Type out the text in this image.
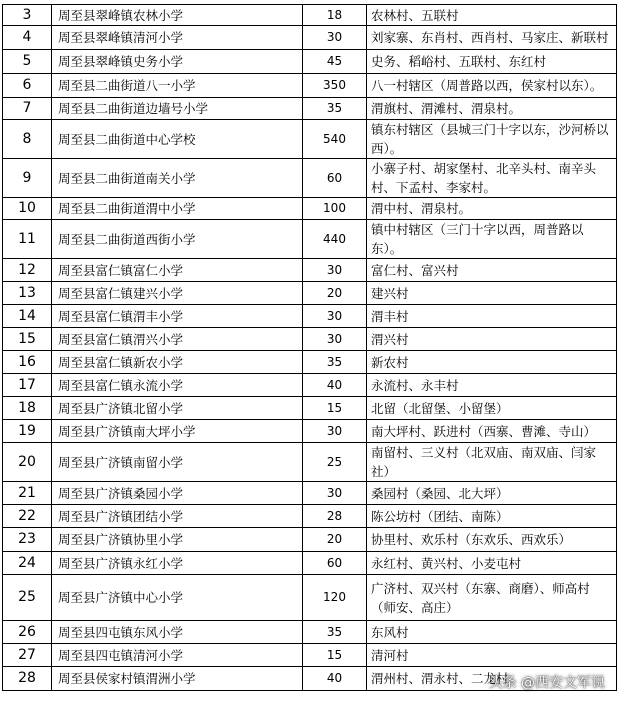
3	周至县翠峰镇农林小学	18	农林村、五联村
4	周至县翠峰镇清河小学	30	刘家寨、东肖村、西肖村、马家庄、新联村
5	周至县翠峰镇史务小学	45	史务、稻峪村、五联村、东红村
6	周至县二曲街道八一小学	350	八一村辖区（周普路以西，侯家村以东）。
7	周至县二曲街道边墙号小学	35	渭旗村、渭滩村、渭泉村。
8	周至县二曲街道中心学校	540	镇东村辖区（县城三门十字以东，沙河桥以西）。
9	周至县二曲街道南关小学	60	小寨子村、胡家堡村、北辛头村、南辛头村、下孟村、李家村。
10	周至县二曲街道渭中小学	100	渭中村、渭泉村。
11	周至县二曲街道西街小学	440	镇中村辖区（三门十字以西，周普路以东）。
12	周至县富仁镇富仁小学	30	富仁村、富兴村
13	周至县富仁镇建兴小学	20	建兴村
14	周至县富仁镇渭丰小学	30	渭丰村
15	周至县富仁镇渭兴小学	30	渭兴村
16	周至县富仁镇新农小学	35	新农村
17	周至县富仁镇永流小学	40	永流村、永丰村
18	周至县广济镇北留小学	15	北留（北留堡、小留堡）
19	周至县广济镇南大坪小学	30	南大坪村、跃进村（西寨、曹滩、寺山）
20	周至县广济镇南留小学	25	南留村、三义村（北双庙、南双庙、闫家社）
21	周至县广济镇桑园小学	30	桑园村（桑园、北大坪）
22	周至县广济镇团结小学	28	陈公坊村（团结、南陈）
23	周至县广济镇协里小学	20	协里村、欢乐村（东欢乐、西欢乐）
24	周至县广济镇永红小学	60	永红村、黄兴村、小麦屯村
25	周至县广济镇中心小学	120	广济村、双兴村（东寨、商磨）、师高村（师安、高庄）
26	周至县四屯镇东风小学	35	东风村
27	周至县四屯镇清河小学	15	清河村
28	周至县侯家村镇渭洲小学	40	渭州村、渭永村、二龙村
头条 @西安文军说
